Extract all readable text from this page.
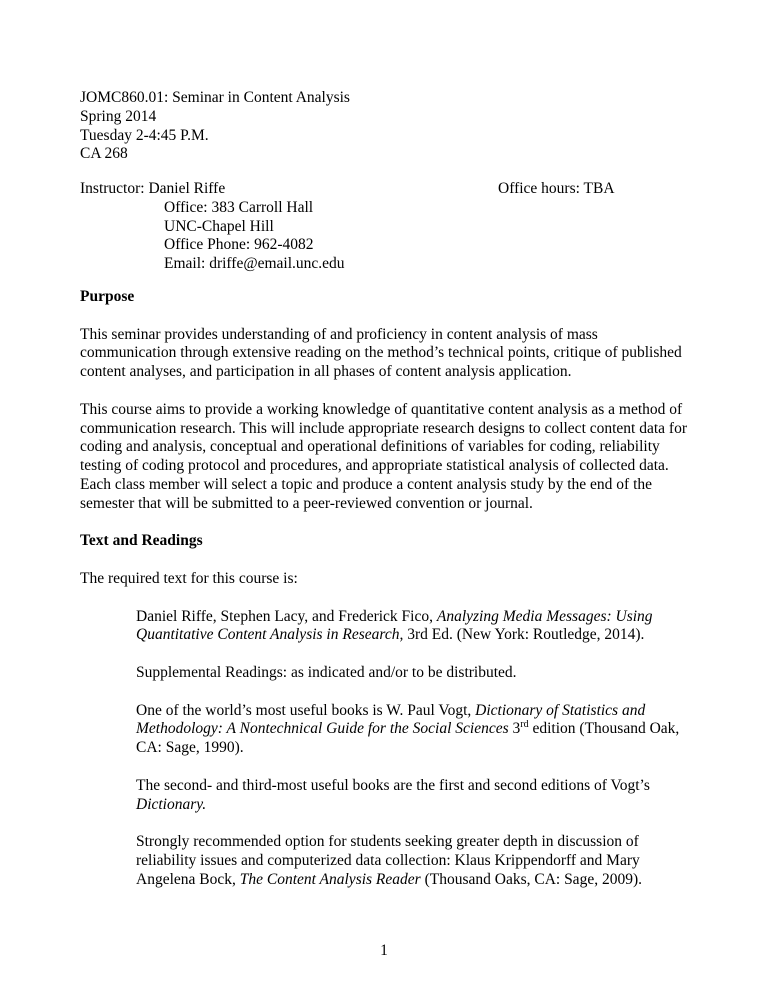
JOMC860.01: Seminar in Content Analysis
Spring 2014
Tuesday 2-4:45 P.M.
CA 268
Instructor: Daniel Riffe
Office: 383 Carroll Hall
UNC-Chapel Hill
Office Phone: 962-4082
Email: driffe@email.unc.edu
Office hours: TBA
Purpose

This seminar provides understanding of and proficiency in content analysis of mass communication through extensive reading on the method’s technical points, critique of published content analyses, and participation in all phases of content analysis application.

This course aims to provide a working knowledge of quantitative content analysis as a method of communication research. This will include appropriate research designs to collect content data for coding and analysis, conceptual and operational definitions of variables for coding, reliability testing of coding protocol and procedures, and appropriate statistical analysis of collected data. Each class member will select a topic and produce a content analysis study by the end of the semester that will be submitted to a peer-reviewed convention or journal.

Text and Readings

The required text for this course is:

Daniel Riffe, Stephen Lacy, and Frederick Fico, Analyzing Media Messages: Using Quantitative Content Analysis in Research, 3rd Ed. (New York: Routledge, 2014).

Supplemental Readings: as indicated and/or to be distributed.

One of the world’s most useful books is W. Paul Vogt, Dictionary of Statistics and Methodology: A Nontechnical Guide for the Social Sciences 3rd edition (Thousand Oak, CA: Sage, 1990).

The second- and third-most useful books are the first and second editions of Vogt’s Dictionary.

Strongly recommended option for students seeking greater depth in discussion of reliability issues and computerized data collection: Klaus Krippendorff and Mary Angelena Bock, The Content Analysis Reader (Thousand Oaks, CA: Sage, 2009).

1
